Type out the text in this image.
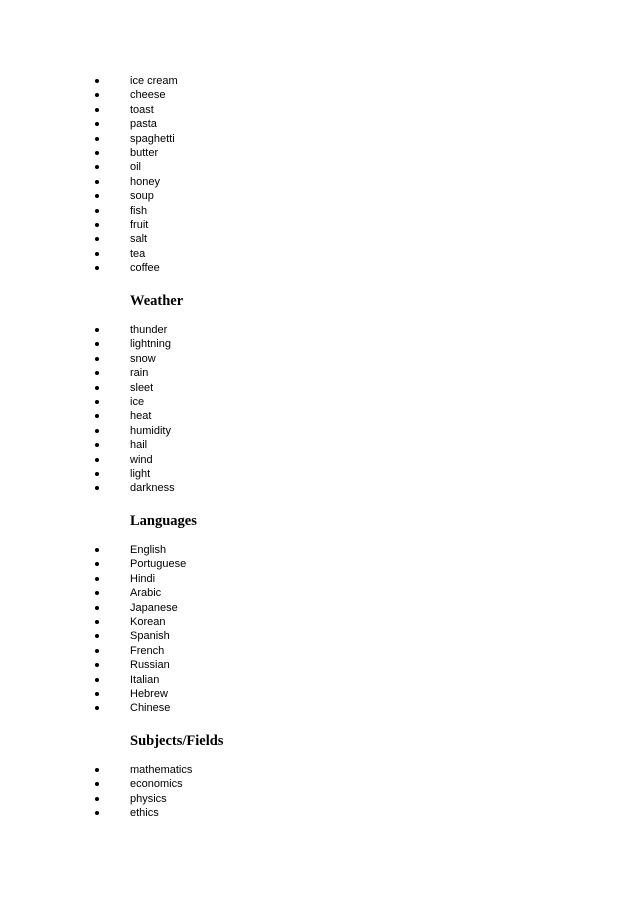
ice cream
cheese
toast
pasta
spaghetti
butter
oil
honey
soup
fish
fruit
salt
tea
coffee
Weather
thunder
lightning
snow
rain
sleet
ice
heat
humidity
hail
wind
light
darkness
Languages
English
Portuguese
Hindi
Arabic
Japanese
Korean
Spanish
French
Russian
Italian
Hebrew
Chinese
Subjects/Fields
mathematics
economics
physics
ethics
